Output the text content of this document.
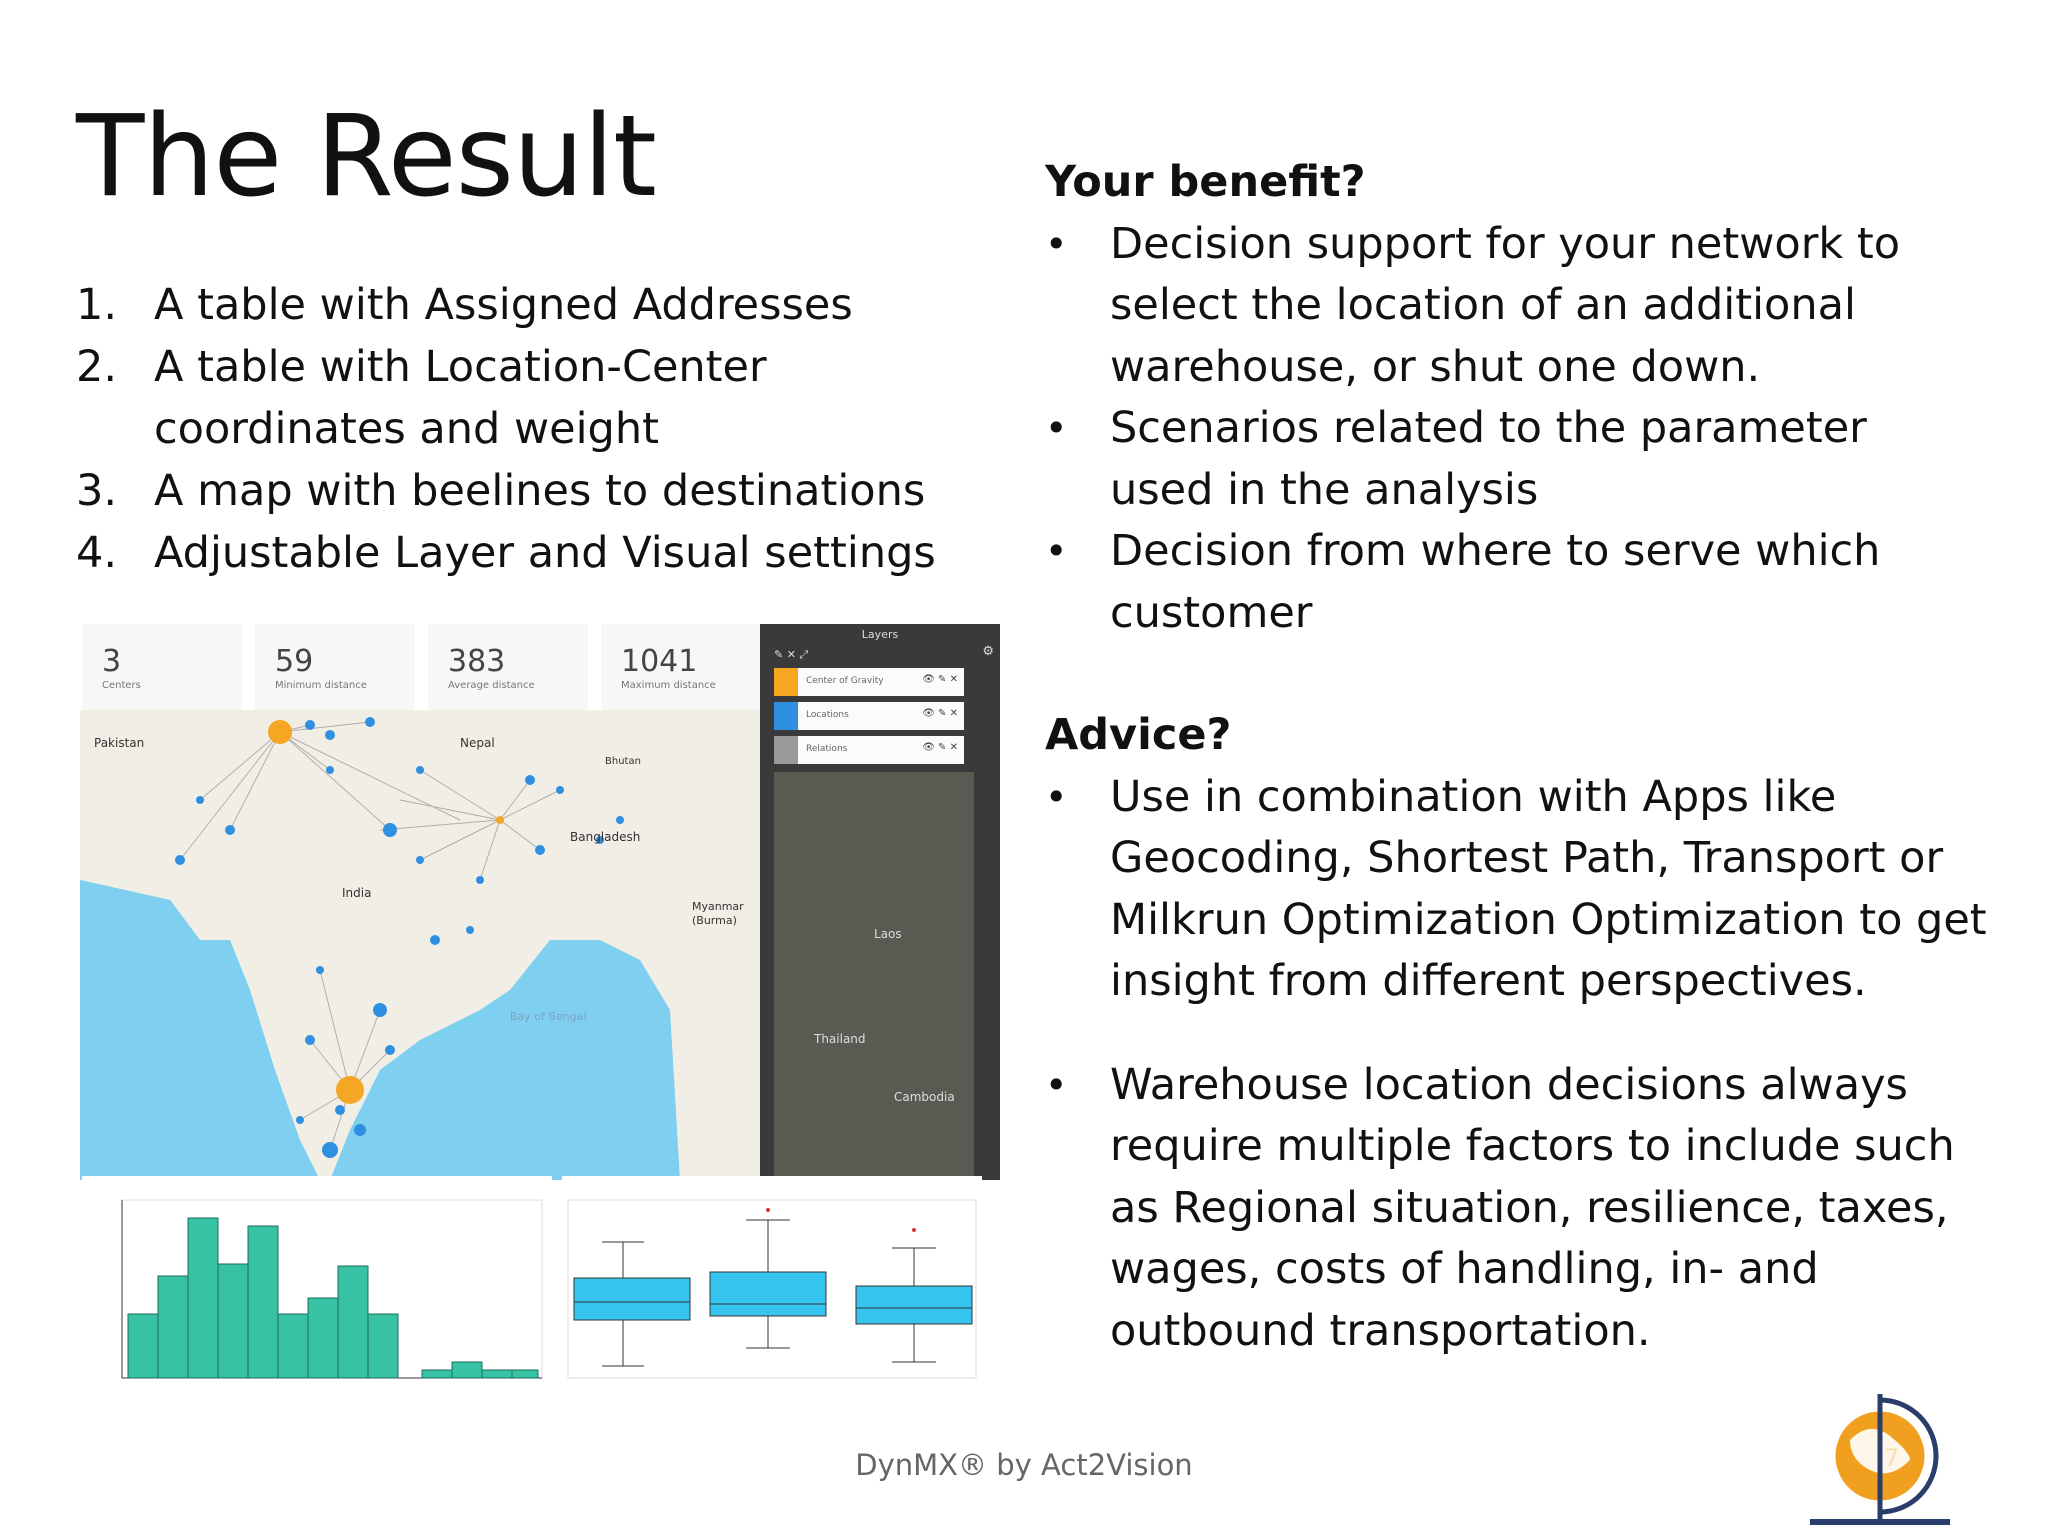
The Result
1. A table with Assigned Addresses
2. A table with Location-Center coordinates and weight
3. A map with beelines to destinations
4. Adjustable Layer and Visual settings
Your benefit?
• Decision support for your network to select the location of an additional warehouse, or shut one down.
• Scenarios related to the parameter used in the analysis
• Decision from where to serve which customer
Advice?
• Use in combination with Apps like Geocoding, Shortest Path, Transport or Milkrun Optimization Optimization to get insight from different perspectives.
• Warehouse location decisions always require multiple factors to include such as Regional situation, resilience, taxes, wages, costs of handling, in- and outbound transportation.
3
Centers
59
Minimum distance
383
Average distance
1041
Maximum distance
Pakistan	Nepal
India
Bhutan
Bangladesh
Myanmar (Burma)
Bay of Bengal
Layers
✎ ✕ ⤢	⚙
Center of Gravity	👁 ✎ ✕
Locations	👁 ✎ ✕
Relations	👁 ✎ ✕
Laos
Thailand
Cambodia
DynMX® by Act2Vision	7
